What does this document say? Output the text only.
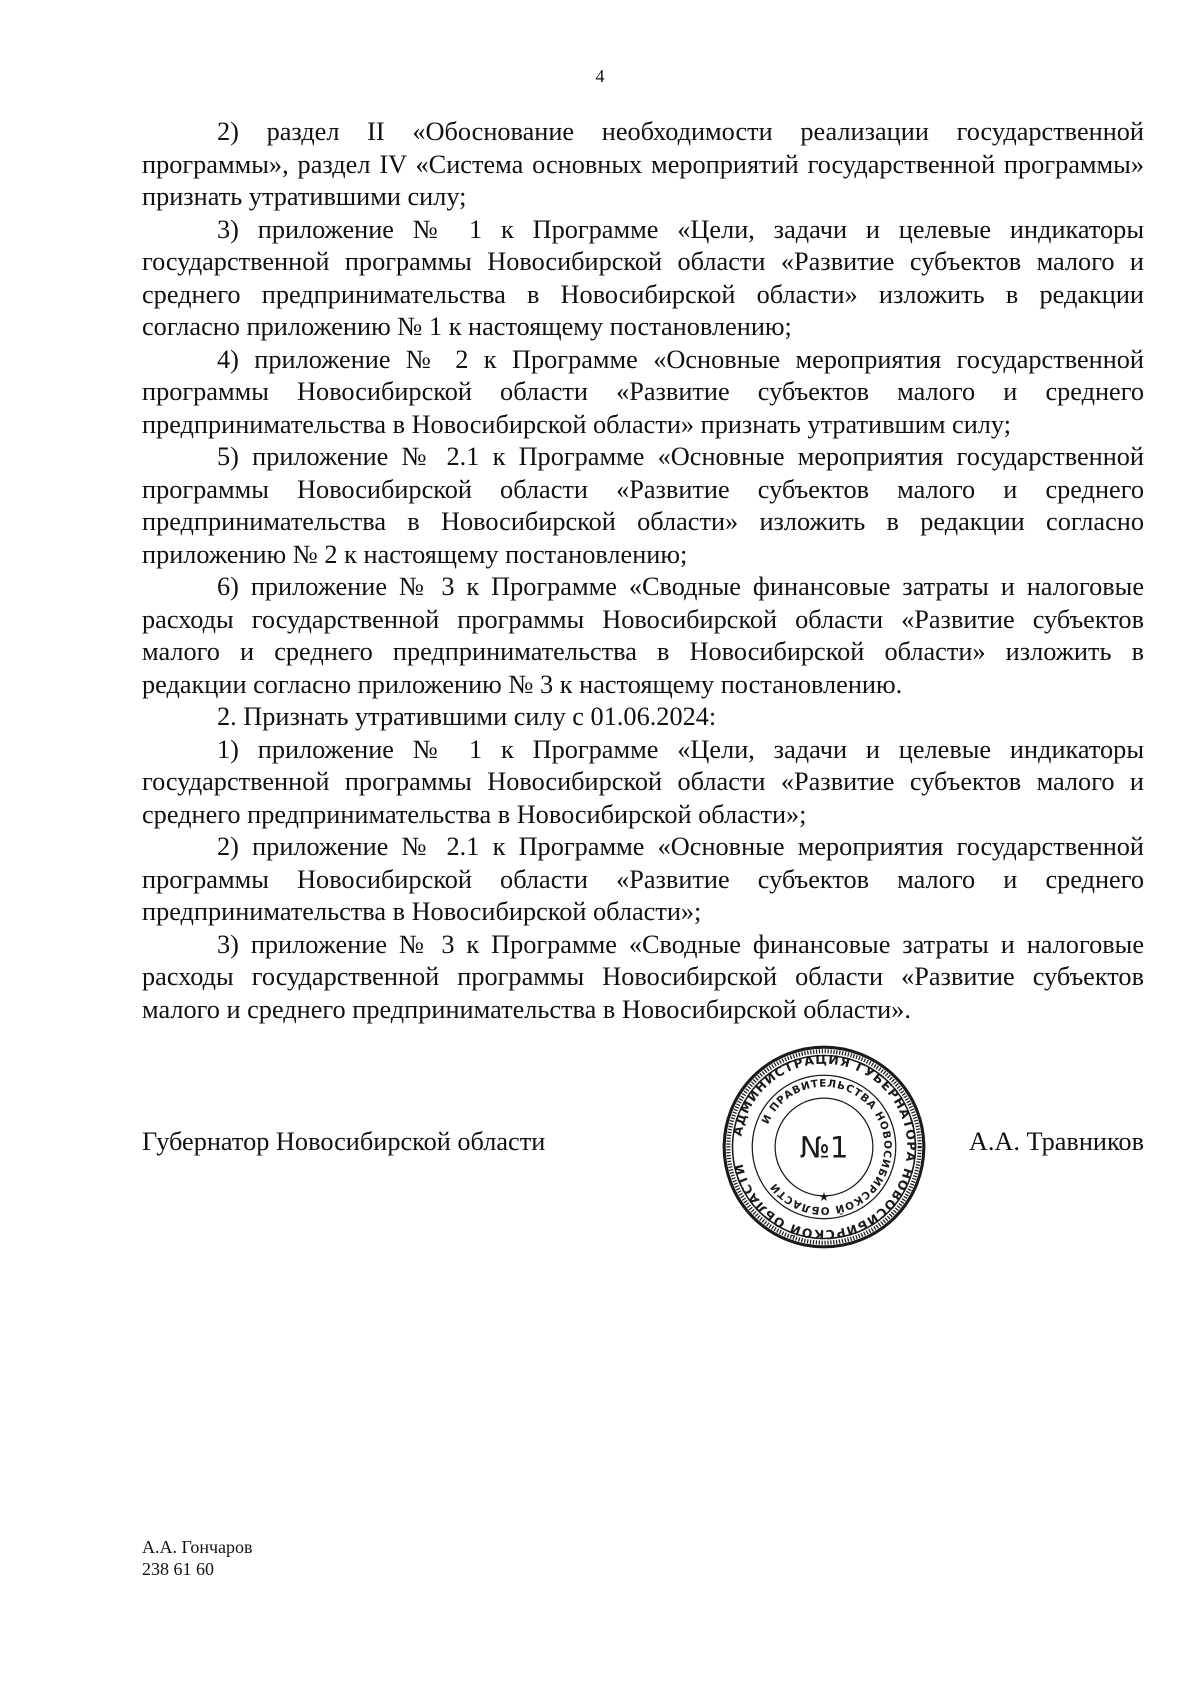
4

2) раздел II «Обоснование необходимости реализации государственной программы», раздел IV «Система основных мероприятий государственной программы» признать утратившими силу;

3) приложение № 1 к Программе «Цели, задачи и целевые индикаторы государственной программы Новосибирской области «Развитие субъектов малого и среднего предпринимательства в Новосибирской области» изложить в редакции согласно приложению № 1 к настоящему постановлению;

4) приложение № 2 к Программе «Основные мероприятия государственной программы Новосибирской области «Развитие субъектов малого и среднего предпринимательства в Новосибирской области» признать утратившим силу;

5) приложение № 2.1 к Программе «Основные мероприятия государственной программы Новосибирской области «Развитие субъектов малого и среднего предпринимательства в Новосибирской области» изложить в редакции согласно приложению № 2 к настоящему постановлению;

6) приложение № 3 к Программе «Сводные финансовые затраты и налоговые расходы государственной программы Новосибирской области «Развитие субъектов малого и среднего предпринимательства в Новосибирской области» изложить в редакции согласно приложению № 3 к настоящему постановлению.

2. Признать утратившими силу с 01.06.2024:

1) приложение № 1 к Программе «Цели, задачи и целевые индикаторы государственной программы Новосибирской области «Развитие субъектов малого и среднего предпринимательства в Новосибирской области»;

2) приложение № 2.1 к Программе «Основные мероприятия государственной программы Новосибирской области «Развитие субъектов малого и среднего предпринимательства в Новосибирской области»;

3) приложение № 3 к Программе «Сводные финансовые затраты и налоговые расходы государственной программы Новосибирской области «Развитие субъектов малого и среднего предпринимательства в Новосибирской области».

Губернатор Новосибирской области	А.А. Травников
АДМИНИСТРАЦИЯ ГУБЕРНАТОРА НОВОСИБИРСКОЙ ОБЛАСТИ
И ПРАВИТЕЛЬСТВА НОВОСИБИРСКОЙ ОБЛАСТИ
№1
★
А.А. Гончаров
238 61 60
